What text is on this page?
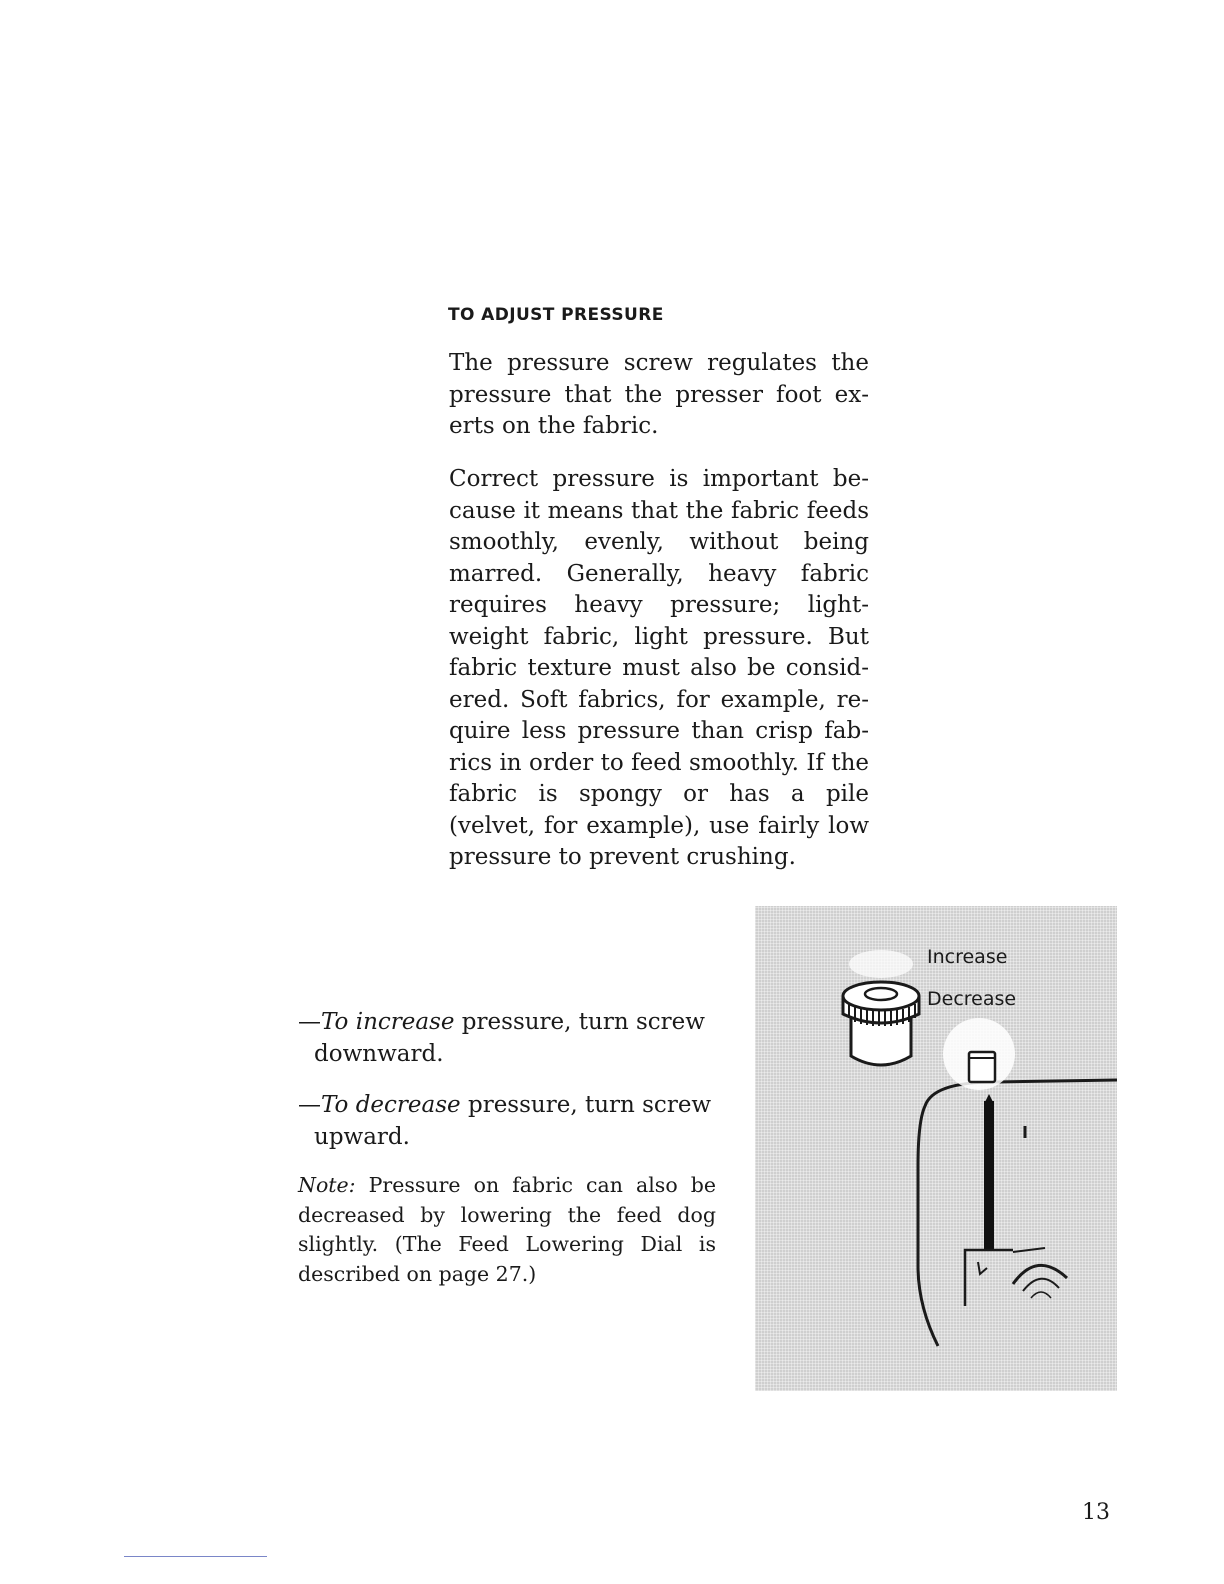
TO ADJUST PRESSURE

The pressure screw regulates the pressure that the presser foot exerts on the fabric.

Correct pressure is important because it means that the fabric feeds smoothly, evenly, without being marred. Generally, heavy fabric requires heavy pressure; lightweight fabric, light pressure. But fabric texture must also be considered. Soft fabrics, for example, require less pressure than crisp fabrics in order to feed smoothly. If the fabric is spongy or has a pile (velvet, for example), use fairly low pressure to prevent crushing.

—To increase pressure, turn screw downward.

—To decrease pressure, turn screw upward.

Note: Pressure on fabric can also be decreased by lowering the feed dog slightly. (The Feed Lowering Dial is described on page 27.)

Increase
Decrease
13
